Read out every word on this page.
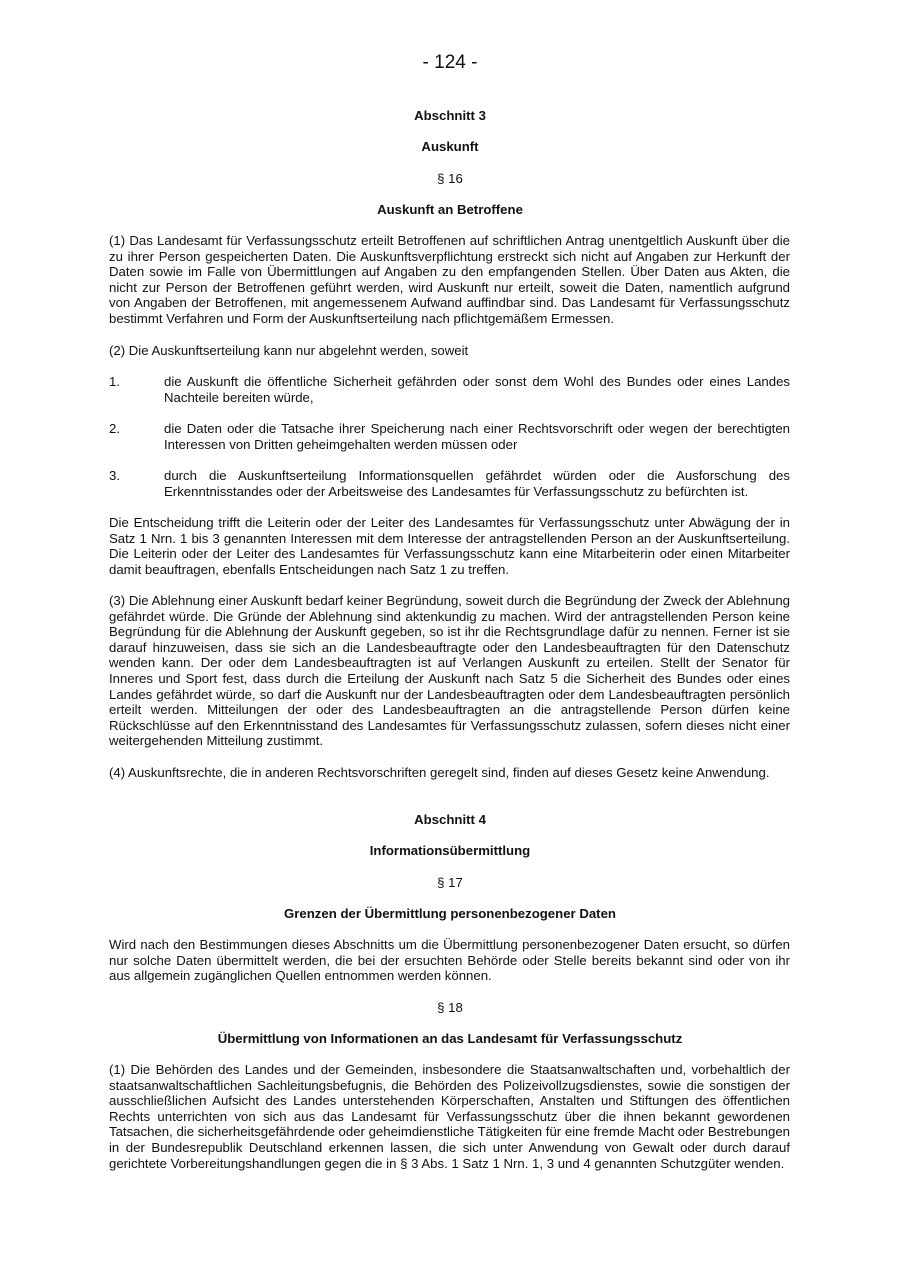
- 124 -
Abschnitt 3
Auskunft
§ 16
Auskunft an Betroffene
(1) Das Landesamt für Verfassungsschutz erteilt Betroffenen auf schriftlichen Antrag unentgeltlich Auskunft über die zu ihrer Person gespeicherten Daten. Die Auskunftsverpflichtung erstreckt sich nicht auf Angaben zur Herkunft der Daten sowie im Falle von Übermittlungen auf Angaben zu den empfangenden Stellen. Über Daten aus Akten, die nicht zur Person der Betroffenen geführt werden, wird Auskunft nur erteilt, soweit die Daten, namentlich aufgrund von Angaben der Betroffenen, mit angemessenem Aufwand auffindbar sind. Das Landesamt für Verfassungsschutz bestimmt Verfahren und Form der Auskunftserteilung nach pflichtgemäßem Ermessen.
(2) Die Auskunftserteilung kann nur abgelehnt werden, soweit
1.	die Auskunft die öffentliche Sicherheit gefährden oder sonst dem Wohl des Bundes oder eines Landes Nachteile bereiten würde,
2.	die Daten oder die Tatsache ihrer Speicherung nach einer Rechtsvorschrift oder wegen der berechtigten Interessen von Dritten geheimgehalten werden müssen oder
3.	durch die Auskunftserteilung Informationsquellen gefährdet würden oder die Ausforschung des Erkenntnisstandes oder der Arbeitsweise des Landesamtes für Verfassungsschutz zu befürchten ist.
Die Entscheidung trifft die Leiterin oder der Leiter des Landesamtes für Verfassungsschutz unter Abwägung der in Satz 1 Nrn. 1 bis 3 genannten Interessen mit dem Interesse der antragstellenden Person an der Auskunftserteilung. Die Leiterin oder der Leiter des Landesamtes für Verfassungsschutz kann eine Mitarbeiterin oder einen Mitarbeiter damit beauftragen, ebenfalls Entscheidungen nach Satz 1 zu treffen.
(3) Die Ablehnung einer Auskunft bedarf keiner Begründung, soweit durch die Begründung der Zweck der Ablehnung gefährdet würde. Die Gründe der Ablehnung sind aktenkundig zu machen. Wird der antragstellenden Person keine Begründung für die Ablehnung der Auskunft gegeben, so ist ihr die Rechtsgrundlage dafür zu nennen. Ferner ist sie darauf hinzuweisen, dass sie sich an die Landesbeauftragte oder den Landesbeauftragten für den Datenschutz wenden kann. Der oder dem Landesbeauftragten ist auf Verlangen Auskunft zu erteilen. Stellt der Senator für Inneres und Sport fest, dass durch die Erteilung der Auskunft nach Satz 5 die Sicherheit des Bundes oder eines Landes gefährdet würde, so darf die Auskunft nur der Landesbeauftragten oder dem Landesbeauftragten persönlich erteilt werden. Mitteilungen der oder des Landesbeauftragten an die antragstellende Person dürfen keine Rückschlüsse auf den Erkenntnisstand des Landesamtes für Verfassungsschutz zulassen, sofern dieses nicht einer weitergehenden Mitteilung zustimmt.
(4) Auskunftsrechte, die in anderen Rechtsvorschriften geregelt sind, finden auf dieses Gesetz keine Anwendung.
Abschnitt 4
Informationsübermittlung
§ 17
Grenzen der Übermittlung personenbezogener Daten
Wird nach den Bestimmungen dieses Abschnitts um die Übermittlung personenbezogener Daten ersucht, so dürfen nur solche Daten übermittelt werden, die bei der ersuchten Behörde oder Stelle bereits bekannt sind oder von ihr aus allgemein zugänglichen Quellen entnommen werden können.
§ 18
Übermittlung von Informationen an das Landesamt für Verfassungsschutz
(1) Die Behörden des Landes und der Gemeinden, insbesondere die Staatsanwaltschaften und, vorbehaltlich der staatsanwaltschaftlichen Sachleitungsbefugnis, die Behörden des Polizeivollzugsdienstes, sowie die sonstigen der ausschließlichen Aufsicht des Landes unterstehenden Körperschaften, Anstalten und Stiftungen des öffentlichen Rechts unterrichten von sich aus das Landesamt für Verfassungsschutz über die ihnen bekannt gewordenen Tatsachen, die sicherheitsgefährdende oder geheimdienstliche Tätigkeiten für eine fremde Macht oder Bestrebungen in der Bundesrepublik Deutschland erkennen lassen, die sich unter Anwendung von Gewalt oder durch darauf gerichtete Vorbereitungshandlungen gegen die in § 3 Abs. 1 Satz 1 Nrn. 1, 3 und 4 genannten Schutzgüter wenden.
